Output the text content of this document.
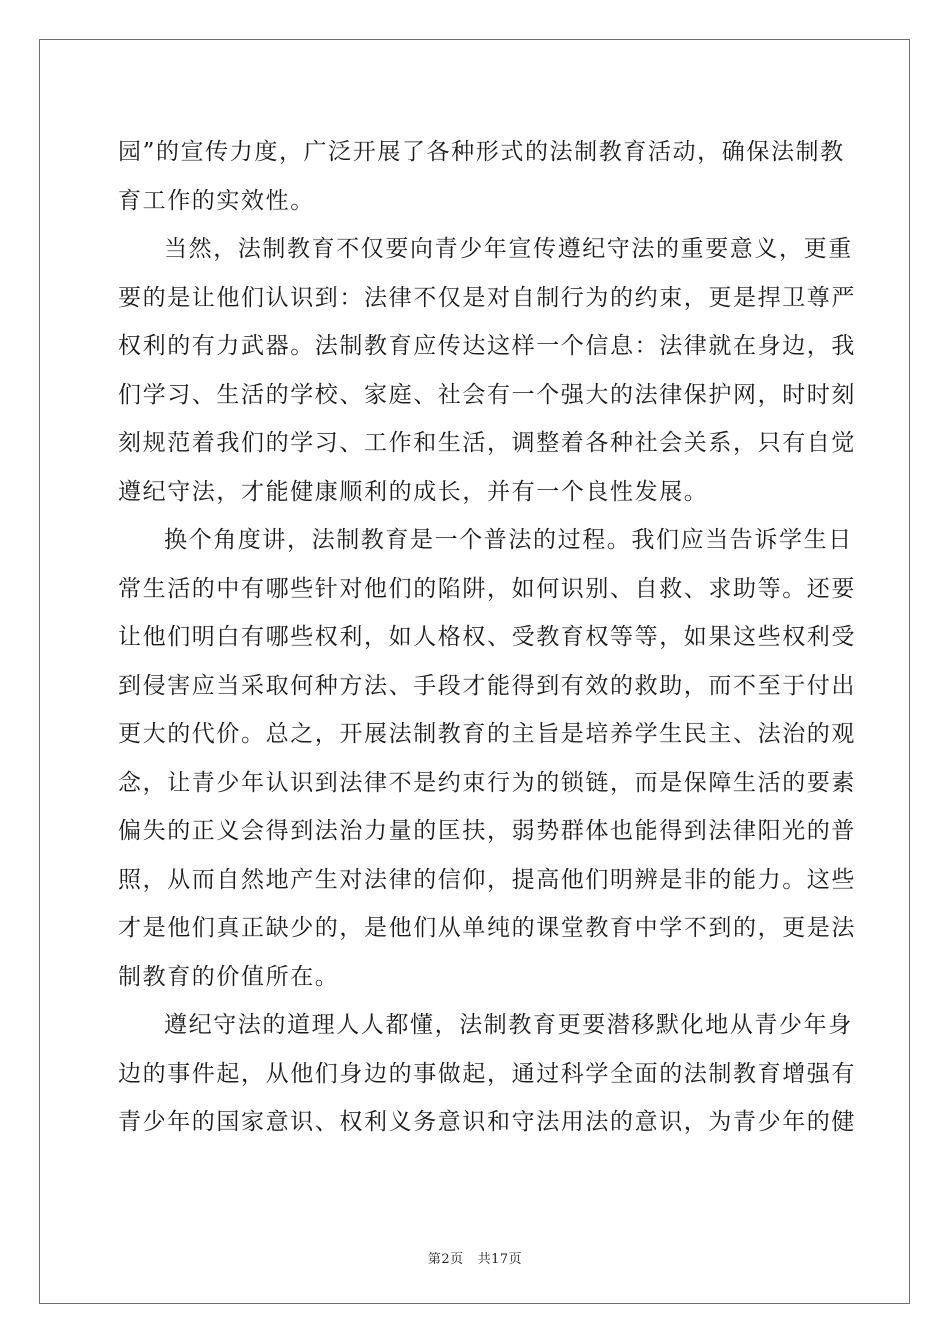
园”的宣传力度，广泛开展了各种形式的法制教育活动，确保法制教
育工作的实效性。
当然，法制教育不仅要向青少年宣传遵纪守法的重要意义，更重
要的是让他们认识到：法律不仅是对自制行为的约束，更是捍卫尊严
权利的有力武器。法制教育应传达这样一个信息：法律就在身边，我
们学习、生活的学校、家庭、社会有一个强大的法律保护网，时时刻
刻规范着我们的学习、工作和生活，调整着各种社会关系，只有自觉
遵纪守法，才能健康顺利的成长，并有一个良性发展。
换个角度讲，法制教育是一个普法的过程。我们应当告诉学生日
常生活的中有哪些针对他们的陷阱，如何识别、自救、求助等。还要
让他们明白有哪些权利，如人格权、受教育权等等，如果这些权利受
到侵害应当采取何种方法、手段才能得到有效的救助，而不至于付出
更大的代价。总之，开展法制教育的主旨是培养学生民主、法治的观
念，让青少年认识到法律不是约束行为的锁链，而是保障生活的要素
偏失的正义会得到法治力量的匡扶，弱势群体也能得到法律阳光的普
照，从而自然地产生对法律的信仰，提高他们明辨是非的能力。这些
才是他们真正缺少的，是他们从单纯的课堂教育中学不到的，更是法
制教育的价值所在。
遵纪守法的道理人人都懂，法制教育更要潜移默化地从青少年身
边的事件起，从他们身边的事做起，通过科学全面的法制教育增强有
青少年的国家意识、权利义务意识和守法用法的意识，为青少年的健
第2页 共17页
